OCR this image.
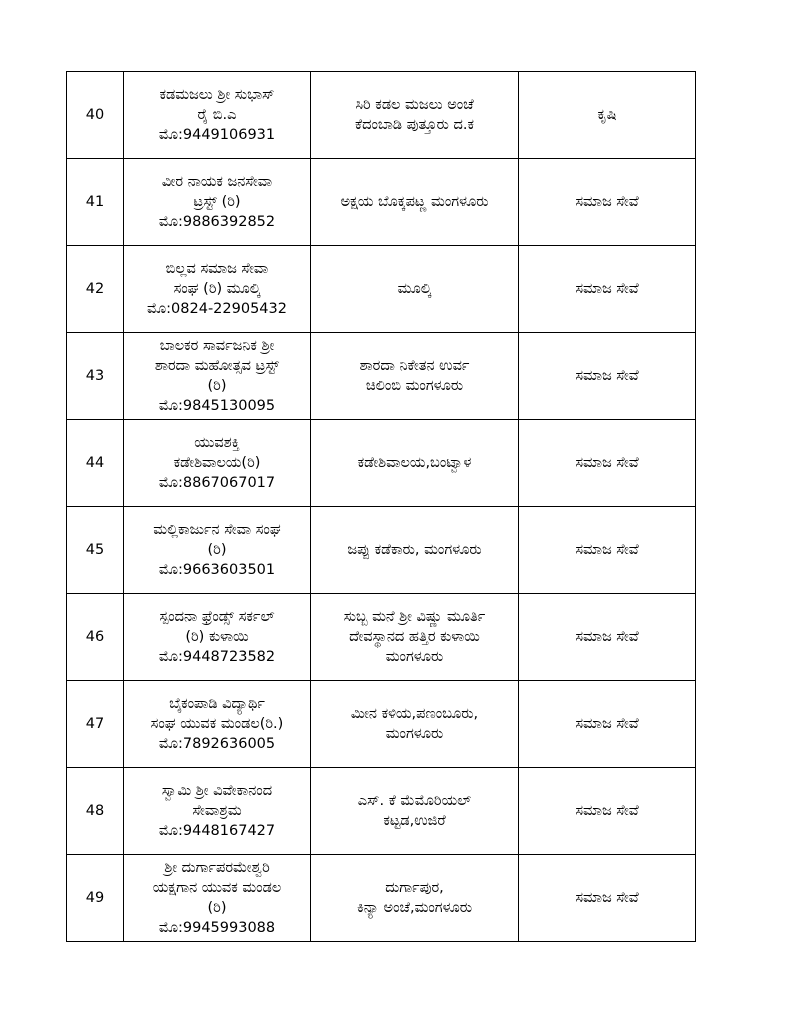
40	ಕಡಮಜಲು ಶ್ರೀ ಸುಭಾಸ್
ರೈ ಬಿ.ಎ
ಮೊ:9449106931	ಸಿರಿ ಕಡಲ ಮಜಲು ಅಂಚೆ
ಕೆದಂಬಾಡಿ ಪುತ್ತೂರು ದ.ಕ	ಕೃಷಿ
41	ವೀರ ನಾಯಕ ಜನಸೇವಾ
ಟ್ರಸ್ಟ್ (ರಿ)
ಮೊ:9886392852	ಅಕ್ಷಯ ಬೊಕ್ಕಪಟ್ಣ ಮಂಗಳೂರು	ಸಮಾಜ ಸೇವೆ
42	ಬಿಲ್ಲವ ಸಮಾಜ ಸೇವಾ
ಸಂಘ (ರಿ) ಮೂಲ್ಕಿ
ಮೊ:0824-22905432	ಮೂಲ್ಕಿ	ಸಮಾಜ ಸೇವೆ
43	ಬಾಲಕರ ಸಾರ್ವಜನಿಕ ಶ್ರೀ
ಶಾರದಾ ಮಹೋತ್ಸವ ಟ್ರಸ್ಟ್
(ರಿ)
ಮೊ:9845130095	ಶಾರದಾ ನಿಕೇತನ ಉರ್ವ
ಚಿಲಿಂಬಿ ಮಂಗಳೂರು	ಸಮಾಜ ಸೇವೆ
44	ಯುವಶಕ್ತಿ
ಕಡೇಶಿವಾಲಯ(ರಿ)
ಮೊ:8867067017	ಕಡೇಶಿವಾಲಯ,ಬಂಟ್ವಾಳ	ಸಮಾಜ ಸೇವೆ
45	ಮಲ್ಲಿಕಾರ್ಜುನ ಸೇವಾ ಸಂಘ
(ರಿ)
ಮೊ:9663603501	ಜಪ್ಪು ಕಡೆಕಾರು, ಮಂಗಳೂರು	ಸಮಾಜ ಸೇವೆ
46	ಸ್ಪಂದನಾ ಫ್ರೆಂಡ್ಸ್ ಸರ್ಕಲ್
(ರಿ) ಕುಳಾಯಿ
ಮೊ:9448723582	ಸುಬ್ಬ ಮನೆ ಶ್ರೀ ವಿಷ್ಣು ಮೂರ್ತಿ
ದೇವಸ್ಥಾನದ ಹತ್ತಿರ ಕುಳಾಯಿ
ಮಂಗಳೂರು	ಸಮಾಜ ಸೇವೆ
47	ಬೈಕಂಪಾಡಿ ವಿದ್ಯಾರ್ಥಿ
ಸಂಘ ಯುವಕ ಮಂಡಲ(ರಿ.)
ಮೊ:7892636005	ಮೀನ ಕಳಿಯ,ಪಣಂಬೂರು,
ಮಂಗಳೂರು	ಸಮಾಜ ಸೇವೆ
48	ಸ್ವಾಮಿ ಶ್ರೀ ವಿವೇಕಾನಂದ
ಸೇವಾಶ್ರಮ
ಮೊ:9448167427	ಎಸ್. ಕೆ ಮೆಮೊರಿಯಲ್
ಕಟ್ಟಡ,ಉಜಿರೆ	ಸಮಾಜ ಸೇವೆ
49	ಶ್ರೀ ದುರ್ಗಾಪರಮೇಶ್ವರಿ
ಯಕ್ಷಗಾನ ಯುವಕ ಮಂಡಲ
(ರಿ)
ಮೊ:9945993088	ದುರ್ಗಾಪುರ,
ಕಿನ್ಯಾ ಅಂಚೆ,ಮಂಗಳೂರು	ಸಮಾಜ ಸೇವೆ
